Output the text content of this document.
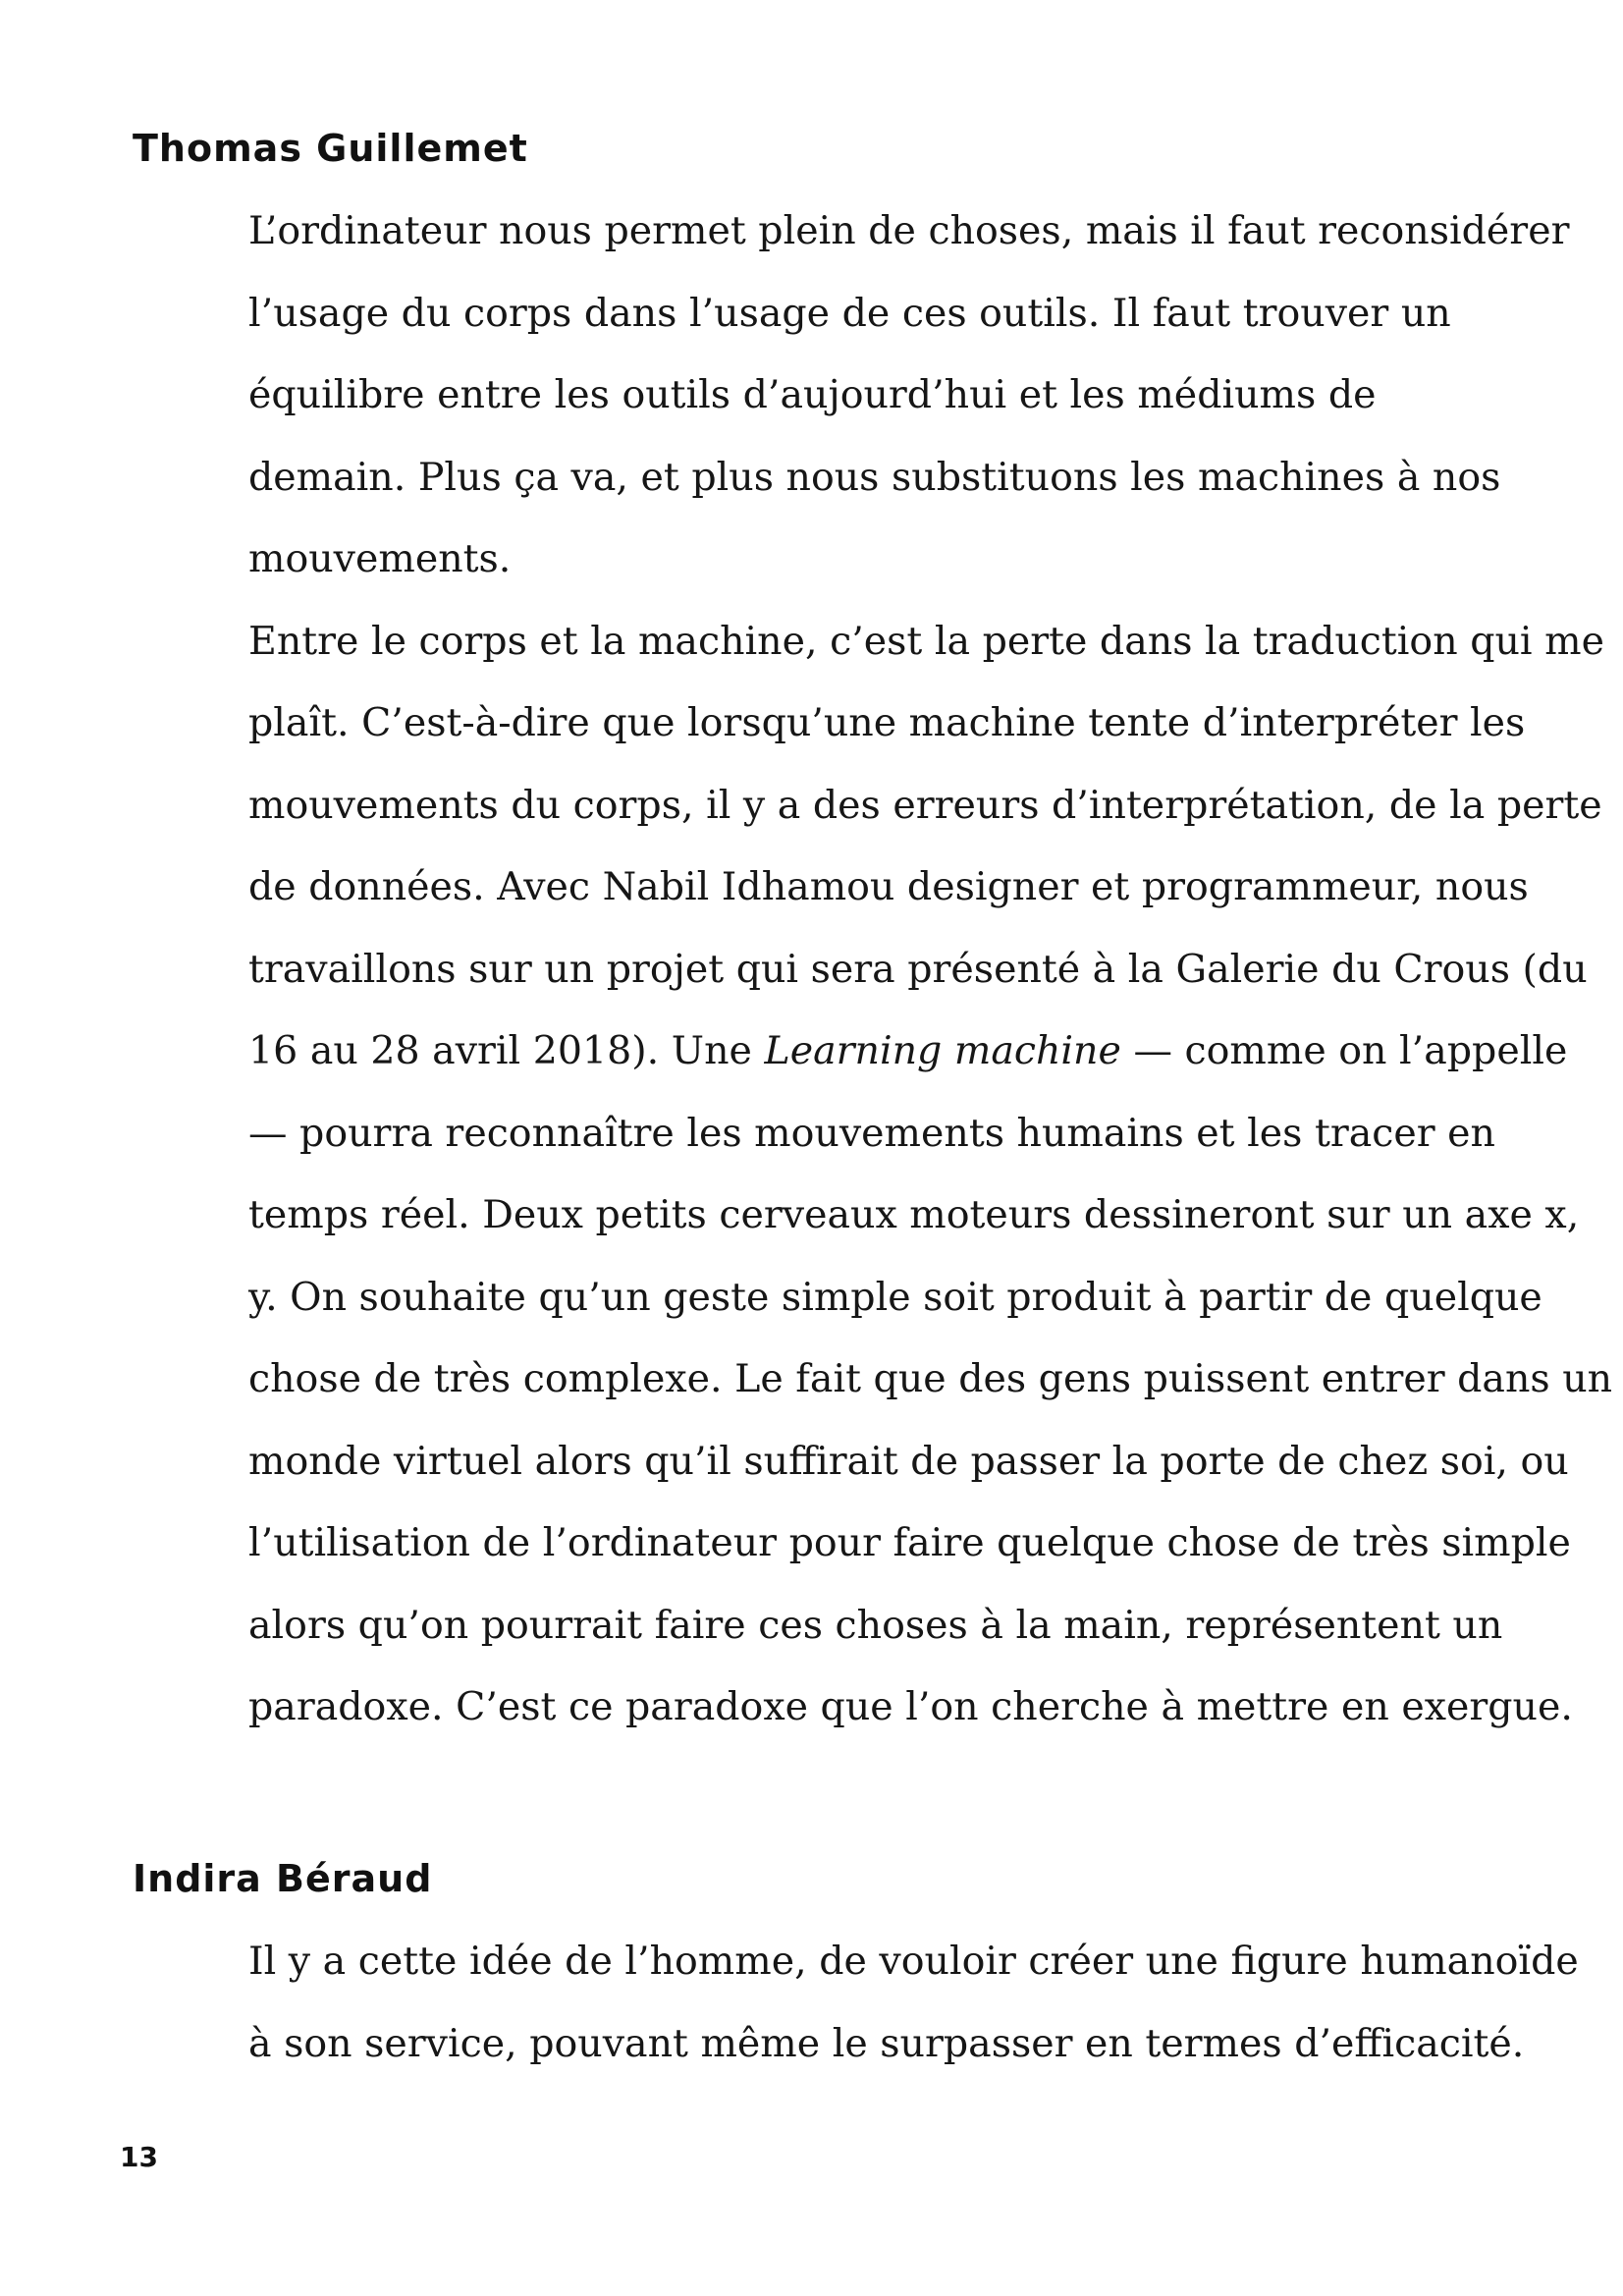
Thomas Guillemet

L’ordinateur nous permet plein de choses, mais il faut reconsidérer
l’usage du corps dans l’usage de ces outils. Il faut trouver un
équilibre entre les outils d’aujourd’hui et les médiums de
demain. Plus ça va, et plus nous substituons les machines à nos
mouvements.

Entre le corps et la machine, c’est la perte dans la traduction qui me
plaît. C’est-à-dire que lorsqu’une machine tente d’interpréter les
mouvements du corps, il y a des erreurs d’interprétation, de la perte
de données. Avec Nabil Idhamou designer et programmeur, nous
travaillons sur un projet qui sera présenté à la Galerie du Crous (du
16 au 28 avril 2018). Une Learning machine — comme on l’appelle
— pourra reconnaître les mouvements humains et les tracer en
temps réel. Deux petits cerveaux moteurs dessineront sur un axe x,
y. On souhaite qu’un geste simple soit produit à partir de quelque
chose de très complexe. Le fait que des gens puissent entrer dans un
monde virtuel alors qu’il suffirait de passer la porte de chez soi, ou
l’utilisation de l’ordinateur pour faire quelque chose de très simple
alors qu’on pourrait faire ces choses à la main, représentent un
paradoxe. C’est ce paradoxe que l’on cherche à mettre en exergue.

Indira Béraud

Il y a cette idée de l’homme, de vouloir créer une figure humanoïde
à son service, pouvant même le surpasser en termes d’efficacité.

13
